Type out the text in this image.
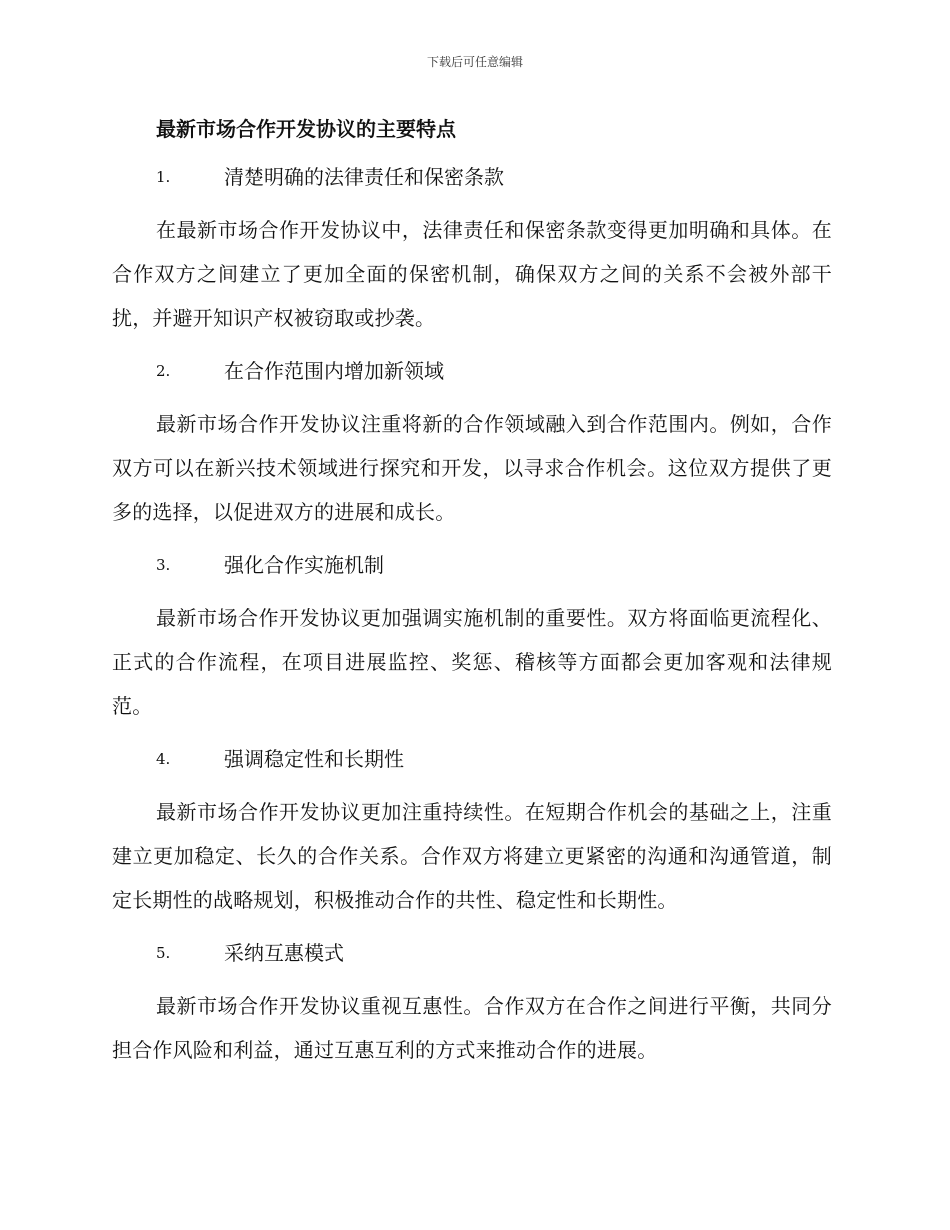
下载后可任意编辑
最新市场合作开发协议的主要特点
1.	清楚明确的法律责任和保密条款

在最新市场合作开发协议中，法律责任和保密条款变得更加明确和具体。在合作双方之间建立了更加全面的保密机制，确保双方之间的关系不会被外部干扰，并避开知识产权被窃取或抄袭。

2.	在合作范围内增加新领域

最新市场合作开发协议注重将新的合作领域融入到合作范围内。例如，合作双方可以在新兴技术领域进行探究和开发，以寻求合作机会。这位双方提供了更多的选择，以促进双方的进展和成长。

3.	强化合作实施机制

最新市场合作开发协议更加强调实施机制的重要性。双方将面临更流程化、正式的合作流程，在项目进展监控、奖惩、稽核等方面都会更加客观和法律规范。

4.	强调稳定性和长期性

最新市场合作开发协议更加注重持续性。在短期合作机会的基础之上，注重建立更加稳定、长久的合作关系。合作双方将建立更紧密的沟通和沟通管道，制定长期性的战略规划，积极推动合作的共性、稳定性和长期性。

5.	采纳互惠模式

最新市场合作开发协议重视互惠性。合作双方在合作之间进行平衡，共同分担合作风险和利益，通过互惠互利的方式来推动合作的进展。
